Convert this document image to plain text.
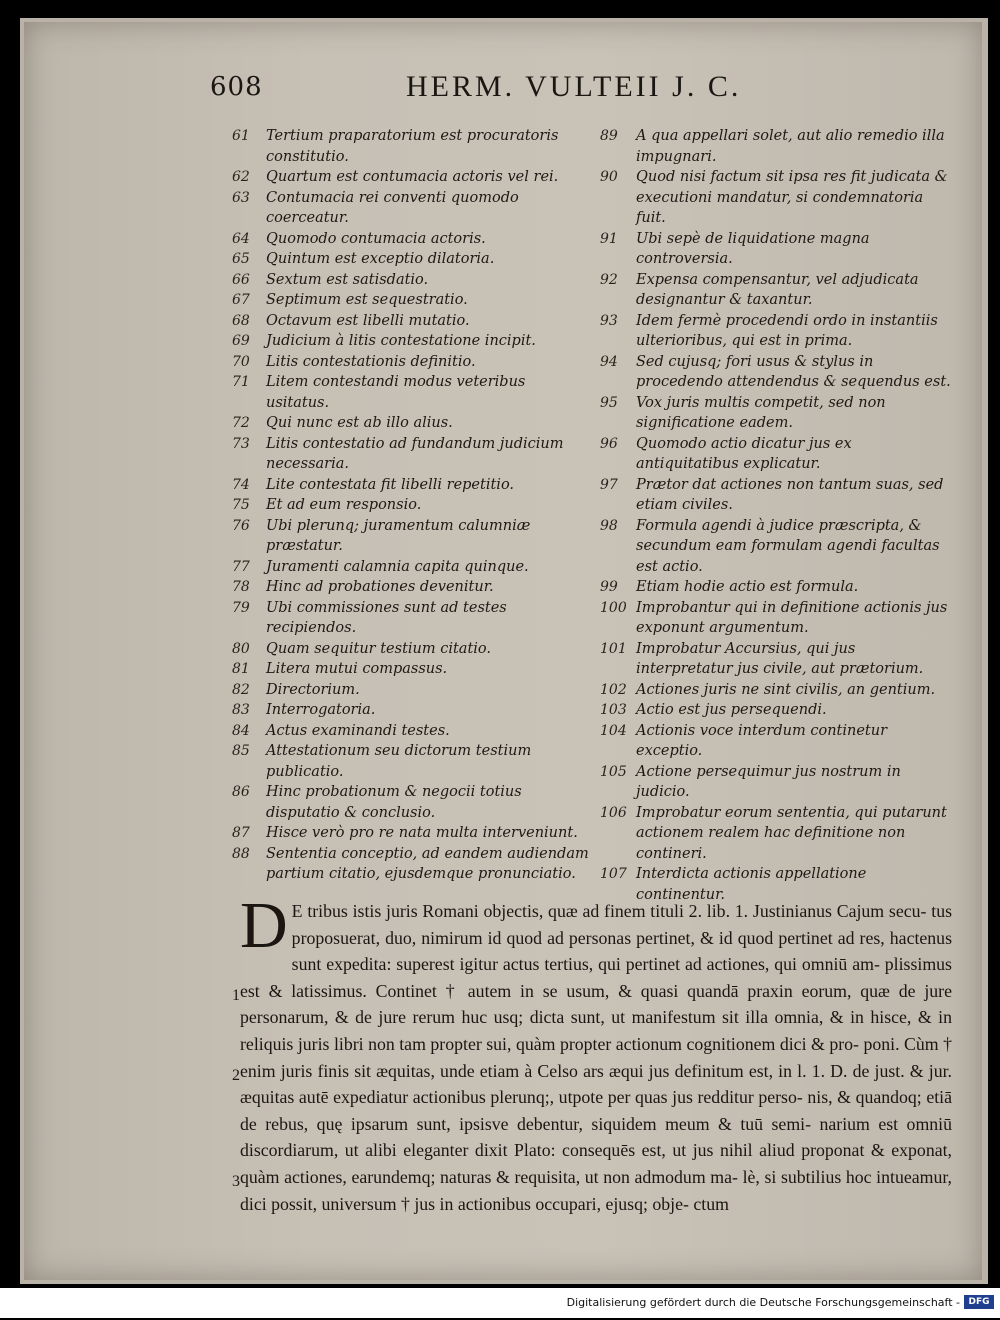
608	HERM. VULTEII J. C.
61 Tertium praparatorium est procuratoris constitutio.
62 Quartum est contumacia actoris vel rei.
63 Contumacia rei conventi quomodo coerceatur.
64 Quomodo contumacia actoris.
65 Quintum est exceptio dilatoria.
66 Sextum est satisdatio.
67 Septimum est sequestratio.
68 Octavum est libelli mutatio.
69 Judicium à litis contestatione incipit.
70 Litis contestationis definitio.
71 Litem contestandi modus veteribus usitatus.
72 Qui nunc est ab illo alius.
73 Litis contestatio ad fundandum judicium necessaria.
74 Lite contestata fit libelli repetitio.
75 Et ad eum responsio.
76 Ubi plerunq; juramentum calumniæ præstatur.
77 Juramenti calamnia capita quinque.
78 Hinc ad probationes devenitur.
79 Ubi commissiones sunt ad testes recipiendos.
80 Quam sequitur testium citatio.
81 Litera mutui compassus.
82 Directorium.
83 Interrogatoria.
84 Actus examinandi testes.
85 Attestationum seu dictorum testium publicatio.
86 Hinc probationum & negocii totius disputatio & conclusio.
87 Hisce verò pro re nata multa interveniunt.
88 Sententia conceptio, ad eandem audiendam partium citatio, ejusdemque pronunciatio.
89 A qua appellari solet, aut alio remedio illa impugnari.
90 Quod nisi factum sit ipsa res fit judicata & executioni mandatur, si condemnatoria fuit.
91 Ubi sepè de liquidatione magna controversia.
92 Expensa compensantur, vel adjudicata designantur & taxantur.
93 Idem fermè procedendi ordo in instantiis ulterioribus, qui est in prima.
94 Sed cujusq; fori usus & stylus in procedendo attendendus & sequendus est.
95 Vox juris multis competit, sed non significatione eadem.
96 Quomodo actio dicatur jus ex antiquitatibus explicatur.
97 Prætor dat actiones non tantum suas, sed etiam civiles.
98 Formula agendi à judice præscripta, & secundum eam formulam agendi facultas est actio.
99 Etiam hodie actio est formula.
100 Improbantur qui in definitione actionis jus exponunt argumentum.
101 Improbatur Accursius, qui jus interpretatur jus civile, aut prætorium.
102 Actiones juris ne sint civilis, an gentium.
103 Actio est jus persequendi.
104 Actionis voce interdum continetur exceptio.
105 Actione persequimur jus nostrum in judicio.
106 Improbatur eorum sententia, qui putarunt actionem realem hac definitione non contineri.
107 Interdicta actionis appellatione continentur.
D E tribus istis juris Romani objectis, quæ ad finem tituli 2. lib. 1. Justinianus Cajum secu- tus proposuerat, duo, nimirum id quod ad personas pertinet, & id quod pertinet ad res, hactenus sunt expedita: superest igitur actus tertius, qui pertinet ad actiones, qui omniū am- plissimus est & latissimus. Continet † autem in se usum, & quasi quandā praxin eorum, quæ de jure personarum, & de jure rerum huc usq; dicta sunt, ut manifestum sit illa omnia, & in hisce, & in reliquis juris libri non tam propter sui, quàm propter actionum cognitionem dici & pro- poni. Cùm † enim juris finis sit æquitas, unde etiam à Celso ars æqui jus definitum est, in l. 1. D. de just. & jur. æquitas autē expediatur actionibus plerunq;, utpote per quas jus redditur perso- nis, & quandoq; etiā de rebus, quę ipsarum sunt, ipsisve debentur, siquidem meum & tuū semi- narium est omniū discordiarum, ut alibi eleganter dixit Plato: consequēs est, ut jus nihil aliud proponat & exponat, quàm actiones, earundemq; naturas & requisita, ut non admodum ma- lè, si subtilius hoc intueamur, dici possit, universum † jus in actionibus occupari, ejusq; obje- ctum
1
2
3
Digitalisierung gefördert durch die Deutsche Forschungsgemeinschaft - DFG
